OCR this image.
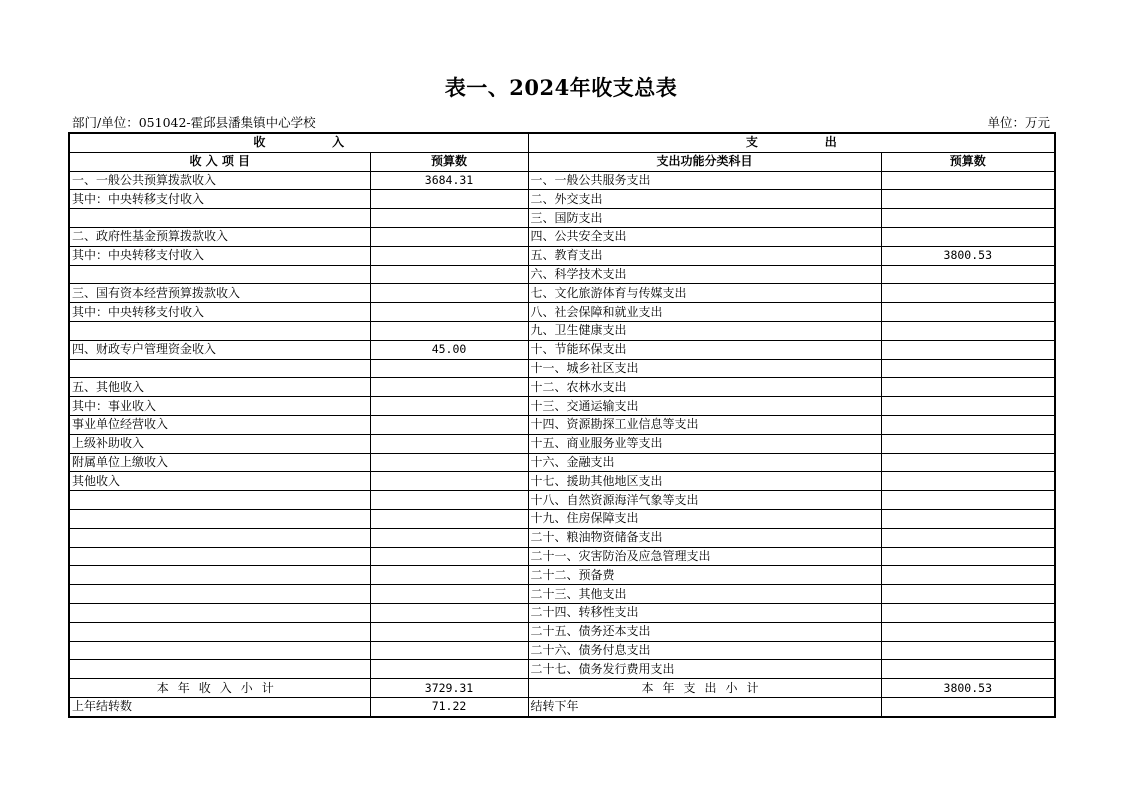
表一、2024年收支总表
部门/单位：051042-霍邱县潘集镇中心学校	单位：万元
收                入		支                出	
收 入 项 目	预算数	支出功能分类科目	预算数
一、一般公共预算拨款收入	3684.31	一、一般公共服务支出	
其中：中央转移支付收入		二、外交支出	
		三、国防支出	
二、政府性基金预算拨款收入		四、公共安全支出	
其中：中央转移支付收入		五、教育支出	3800.53
		六、科学技术支出	
三、国有资本经营预算拨款收入		七、文化旅游体育与传媒支出	
其中：中央转移支付收入		八、社会保障和就业支出	
		九、卫生健康支出	
四、财政专户管理资金收入	45.00	十、节能环保支出	
		十一、城乡社区支出	
五、其他收入		十二、农林水支出	
其中：事业收入		十三、交通运输支出	
事业单位经营收入		十四、资源勘探工业信息等支出	
上级补助收入		十五、商业服务业等支出	
附属单位上缴收入		十六、金融支出	
其他收入		十七、援助其他地区支出	
		十八、自然资源海洋气象等支出	
		十九、住房保障支出	
		二十、粮油物资储备支出	
		二十一、灾害防治及应急管理支出	
		二十二、预备费	
		二十三、其他支出	
		二十四、转移性支出	
		二十五、债务还本支出	
		二十六、债务付息支出	
		二十七、债务发行费用支出	
本年收入小计	3729.31	本年支出小计	3800.53
上年结转数	71.22	结转下年	
